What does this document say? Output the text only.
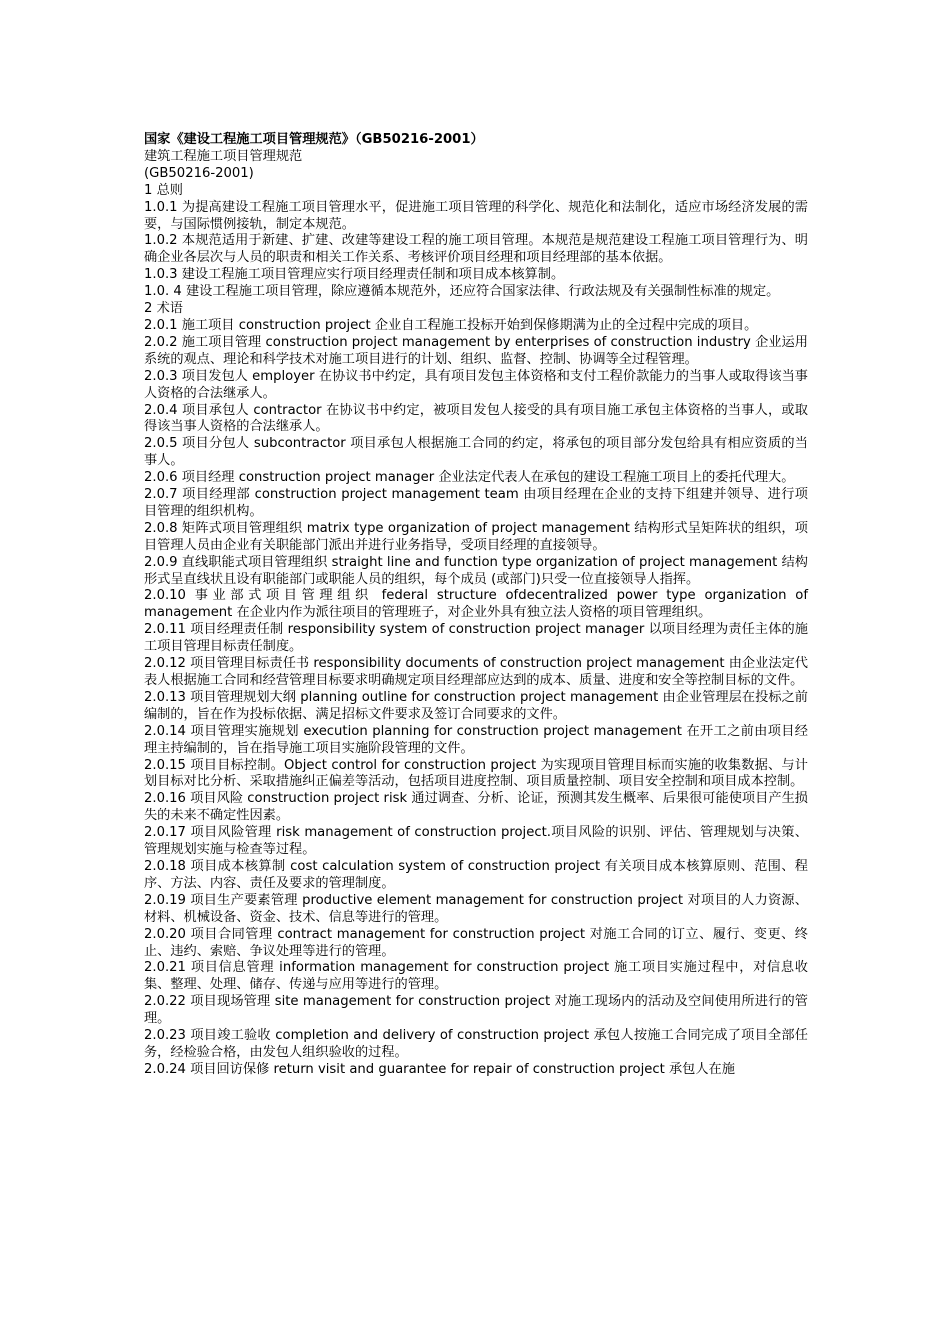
国家《建设工程施工项目管理规范》（GB50216-2001）

建筑工程施工项目管理规范

(GB50216-2001)

1 总则

1.0.1 为提高建设工程施工项目管理水平，促进施工项目管理的科学化、规范化和法制化，适应市场经济发展的需要，与国际惯例接轨，制定本规范。

1.0.2 本规范适用于新建、扩建、改建等建设工程的施工项目管理。本规范是规范建设工程施工项目管理行为、明确企业各层次与人员的职责和相关工作关系、考核评价项目经理和项目经理部的基本依据。

1.0.3 建设工程施工项目管理应实行项目经理责任制和项目成本核算制。

1.0. 4 建设工程施工项目管理，除应遵循本规范外，还应符合国家法律、行政法规及有关强制性标准的规定。

2 术语

2.0.1 施工项目 construction project 企业自工程施工投标开始到保修期满为止的全过程中完成的项目。

2.0.2 施工项目管理 construction project management by enterprises of construction industry 企业运用系统的观点、理论和科学技术对施工项目进行的计划、组织、监督、控制、协调等全过程管理。

2.0.3 项目发包人 employer 在协议书中约定，具有项目发包主体资格和支付工程价款能力的当事人或取得该当事人资格的合法继承人。

2.0.4 项目承包人 contractor 在协议书中约定，被项目发包人接受的具有项目施工承包主体资格的当事人，或取得该当事人资格的合法继承人。

2.0.5 项目分包人 subcontractor 项目承包人根据施工合同的约定，将承包的项目部分发包给具有相应资质的当事人。

2.0.6 项目经理 construction project manager 企业法定代表人在承包的建设工程施工项目上的委托代理大。

2.0.7 项目经理部 construction project management team 由项目经理在企业的支持下组建并领导、进行项目管理的组织机构。

2.0.8 矩阵式项目管理组织 matrix type organization of project management 结构形式呈矩阵状的组织，项目管理人员由企业有关职能部门派出并进行业务指导，受项目经理的直接领导。

2.0.9 直线职能式项目管理组织 straight line and function type organization of project management 结构形式呈直线状且设有职能部门或职能人员的组织，每个成员 (或部门)只受一位直接领导人指挥。

2.0.10 事业部式项目管理组织 federal structure ofdecentralized power type organization of management 在企业内作为派往项目的管理班子，对企业外具有独立法人资格的项目管理组织。

2.0.11 项目经理责任制 responsibility system of construction project manager 以项目经理为责任主体的施工项目管理目标责任制度。

2.0.12 项目管理目标责任书 responsibility documents of construction project management 由企业法定代表人根据施工合同和经营管理目标要求明确规定项目经理部应达到的成本、质量、进度和安全等控制目标的文件。

2.0.13 项目管理规划大纲 planning outline for construction project management 由企业管理层在投标之前编制的，旨在作为投标依据、满足招标文件要求及签订合同要求的文件。

2.0.14 项目管理实施规划 execution planning for construction project management 在开工之前由项目经理主持编制的，旨在指导施工项目实施阶段管理的文件。

2.0.15 项目目标控制。Object control for construction project 为实现项目管理目标而实施的收集数据、与计划目标对比分析、采取措施纠正偏差等活动，包括项目进度控制、项目质量控制、项目安全控制和项目成本控制。

2.0.16 项目风险 construction project risk 通过调查、分析、论证，预测其发生概率、后果很可能使项目产生损失的未来不确定性因素。

2.0.17 项目风险管理 risk management of construction project.项目风险的识别、评估、管理规划与决策、管理规划实施与检查等过程。

2.0.18 项目成本核算制 cost calculation system of construction project 有关项目成本核算原则、范围、程序、方法、内容、责任及要求的管理制度。

2.0.19 项目生产要素管理 productive element management for construction project 对项目的人力资源、材料、机械设备、资金、技术、信息等进行的管理。

2.0.20 项目合同管理 contract management for construction project 对施工合同的订立、履行、变更、终止、违约、索赔、争议处理等进行的管理。

2.0.21 项目信息管理 information management for construction project 施工项目实施过程中，对信息收集、整理、处理、储存、传递与应用等进行的管理。

2.0.22 项目现场管理 site management for construction project 对施工现场内的活动及空间使用所进行的管理。

2.0.23 项目竣工验收 completion and delivery of construction project 承包人按施工合同完成了项目全部任务，经检验合格，由发包人组织验收的过程。

2.0.24 项目回访保修 return visit and guarantee for repair of construction project 承包人在施
